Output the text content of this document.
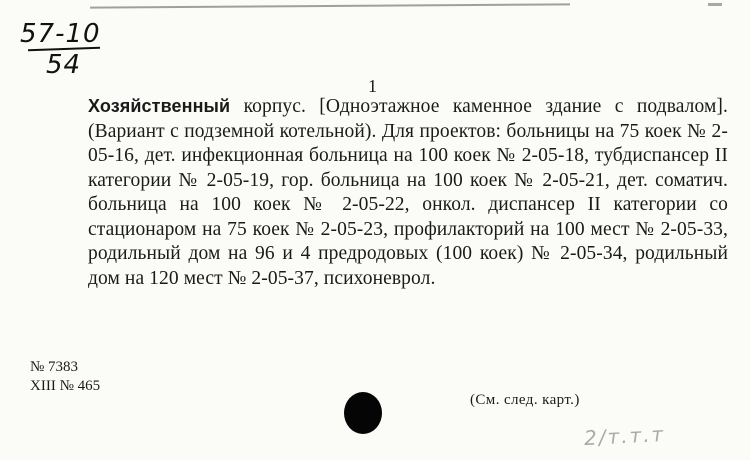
57-10
54
1
Хозяйственный корпус. [Одноэтажное каменное здание с подвалом]. (Вариант с подземной котельной). Для проектов: больницы на 75 коек № 2-05-16, дет. инфекционная больница на 100 коек № 2-05-18, тубдиспансер II категории № 2-05-19, гор. больница на 100 коек № 2-05-21, дет. соматич. больница на 100 коек № 2-05-22, онкол. диспансер II категории со стационаром на 75 коек № 2-05-23, профилакторий на 100 мест № 2-05-33, родильный дом на 96 и 4 предродовых (100 коек) № 2-05-34, родильный дом на 120 мест № 2-05-37, психоневрол.
№ 7383
XIII № 465
(См. след. карт.)
2/т.т.т
